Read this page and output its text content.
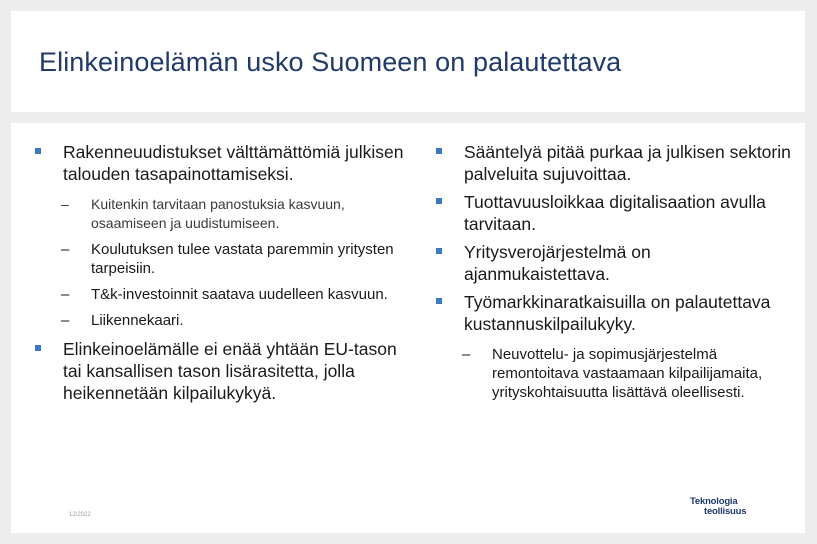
Elinkeinoelämän usko Suomeen on palautettava
Rakenneuudistukset välttämättömiä julkisen talouden tasapainottamiseksi.
– Kuitenkin tarvitaan panostuksia kasvuun, osaamiseen ja uudistumiseen.
– Koulutuksen tulee vastata paremmin yritysten tarpeisiin.
– T&k-investoinnit saatava uudelleen kasvuun.
– Liikennekaari.
Elinkeinoelämälle ei enää yhtään EU-tason tai kansallisen tason lisärasitetta, jolla heikennetään kilpailukykyä.
Sääntelyä pitää purkaa ja julkisen sektorin palveluita sujuvoittaa.
Tuottavuusloikkaa digitalisaation avulla tarvitaan.
Yritysverojärjestelmä on ajanmukaistettava.
Työmarkkinaratkaisuilla on palautettava kustannuskilpailukyky.
– Neuvottelu- ja sopimusjärjestelmä remontoitava vastaamaan kilpailijamaita, yrityskohtaisuutta lisättävä oleellisesti.
12/2022
Teknologia
teollisuus
